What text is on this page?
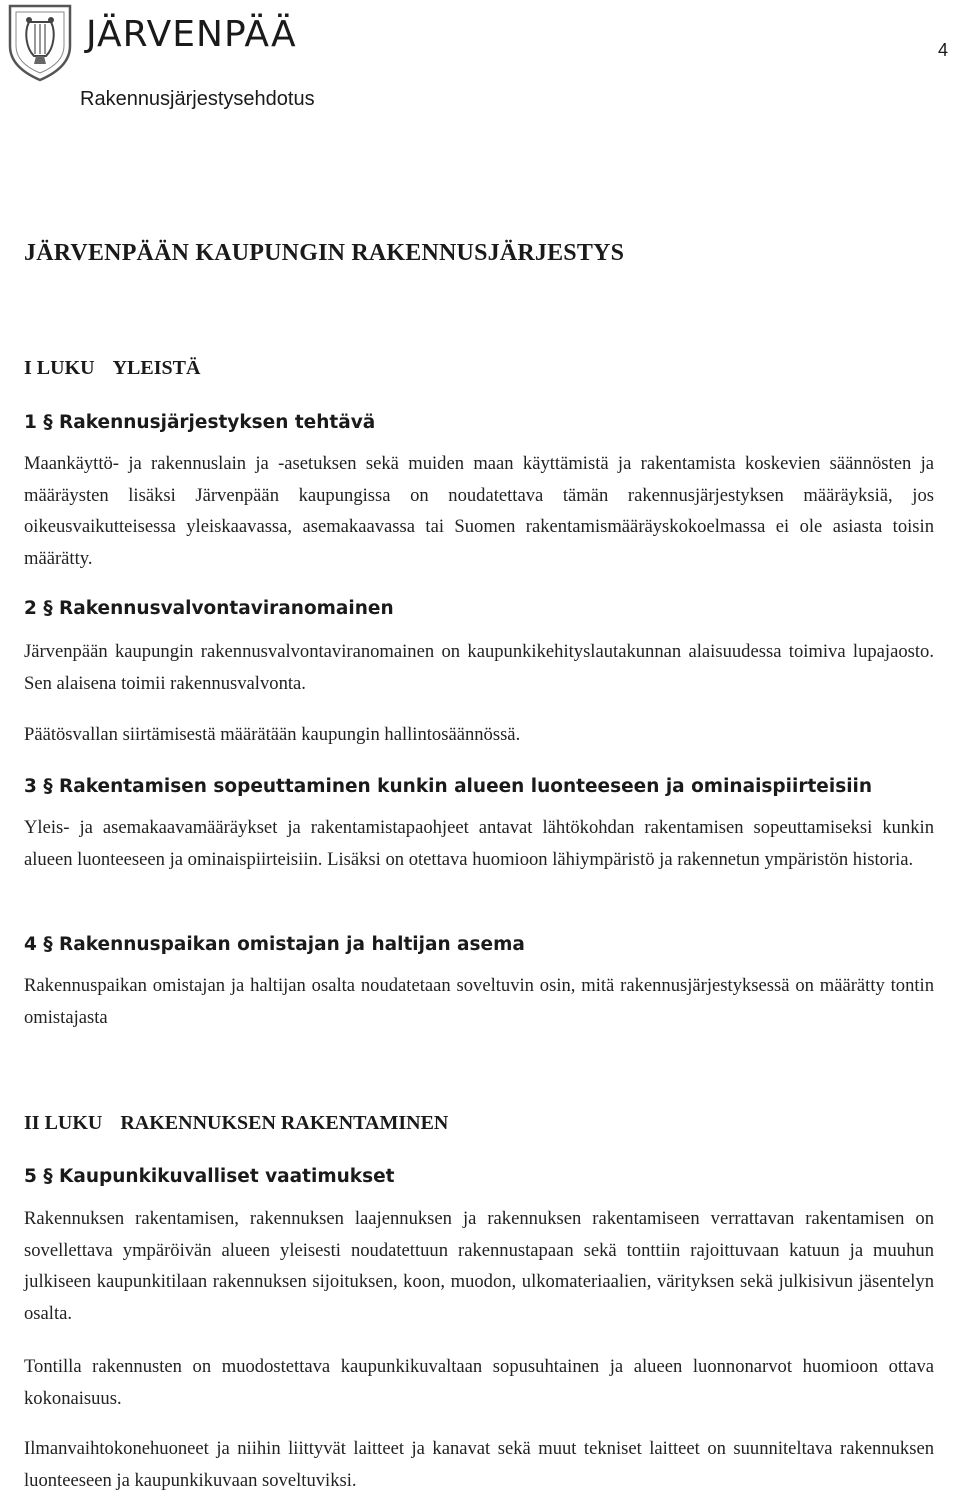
JÄRVENPÄÄ
Rakennusjärjestysehdotus
4
JÄRVENPÄÄN KAUPUNGIN RAKENNUSJÄRJESTYS
I LUKU YLEISTÄ
1 § Rakennusjärjestyksen tehtävä

Maankäyttö- ja rakennuslain ja -asetuksen sekä muiden maan käyttämistä ja rakentamista koskevien säännösten ja määräysten lisäksi Järvenpään kaupungissa on noudatettava tämän rakennusjärjestyksen määräyksiä, jos oikeusvaikutteisessa yleiskaavassa, asemakaavassa tai Suomen rakentamismääräyskokoelmassa ei ole asiasta toisin määrätty.

2 § Rakennusvalvontaviranomainen

Järvenpään kaupungin rakennusvalvontaviranomainen on kaupunkikehityslautakunnan alaisuudessa toimiva lupajaosto. Sen alaisena toimii rakennusvalvonta.

Päätösvallan siirtämisestä määrätään kaupungin hallintosäännössä.

3 § Rakentamisen sopeuttaminen kunkin alueen luonteeseen ja ominaispiirteisiin

Yleis- ja asemakaavamääräykset ja rakentamistapaohjeet antavat lähtökohdan rakentamisen sopeuttamiseksi kunkin alueen luonteeseen ja ominaispiirteisiin. Lisäksi on otettava huomioon lähiympäristö ja rakennetun ympäristön historia.

4 § Rakennuspaikan omistajan ja haltijan asema

Rakennuspaikan omistajan ja haltijan osalta noudatetaan soveltuvin osin, mitä rakennusjärjestyksessä on määrätty tontin omistajasta

II LUKU RAKENNUKSEN RAKENTAMINEN
5 § Kaupunkikuvalliset vaatimukset

Rakennuksen rakentamisen, rakennuksen laajennuksen ja rakennuksen rakentamiseen verrattavan rakentamisen on sovellettava ympäröivän alueen yleisesti noudatettuun rakennustapaan sekä tonttiin rajoittuvaan katuun ja muuhun julkiseen kaupunkitilaan rakennuksen sijoituksen, koon, muodon, ulkomateriaalien, värityksen sekä julkisivun jäsentelyn osalta.

Tontilla rakennusten on muodostettava kaupunkikuvaltaan sopusuhtainen ja alueen luonnonarvot huomioon ottava kokonaisuus.

Ilmanvaihtokonehuoneet ja niihin liittyvät laitteet ja kanavat sekä muut tekniset laitteet on suunniteltava rakennuksen luonteeseen ja kaupunkikuvaan soveltuviksi.
